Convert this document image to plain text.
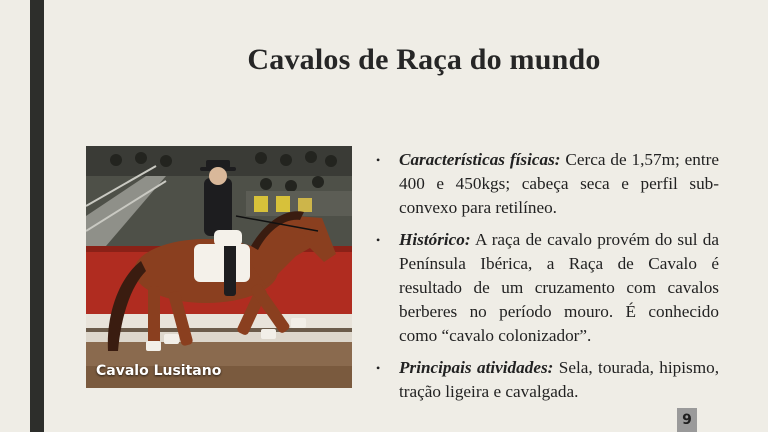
Cavalos de Raça do mundo
Cavalo Lusitano
• Características físicas: Cerca de 1,57m; entre 400 e 450kgs; cabeça seca e perfil sub-convexo para retilíneo.
• Histórico: A raça de cavalo provém do sul da Península Ibérica, a Raça de Cavalo é resultado de um cruzamento com cavalos berberes no período mouro. É conhecido como “cavalo colonizador”.
• Principais atividades: Sela, tourada, hipismo, tração ligeira e cavalgada.
9
